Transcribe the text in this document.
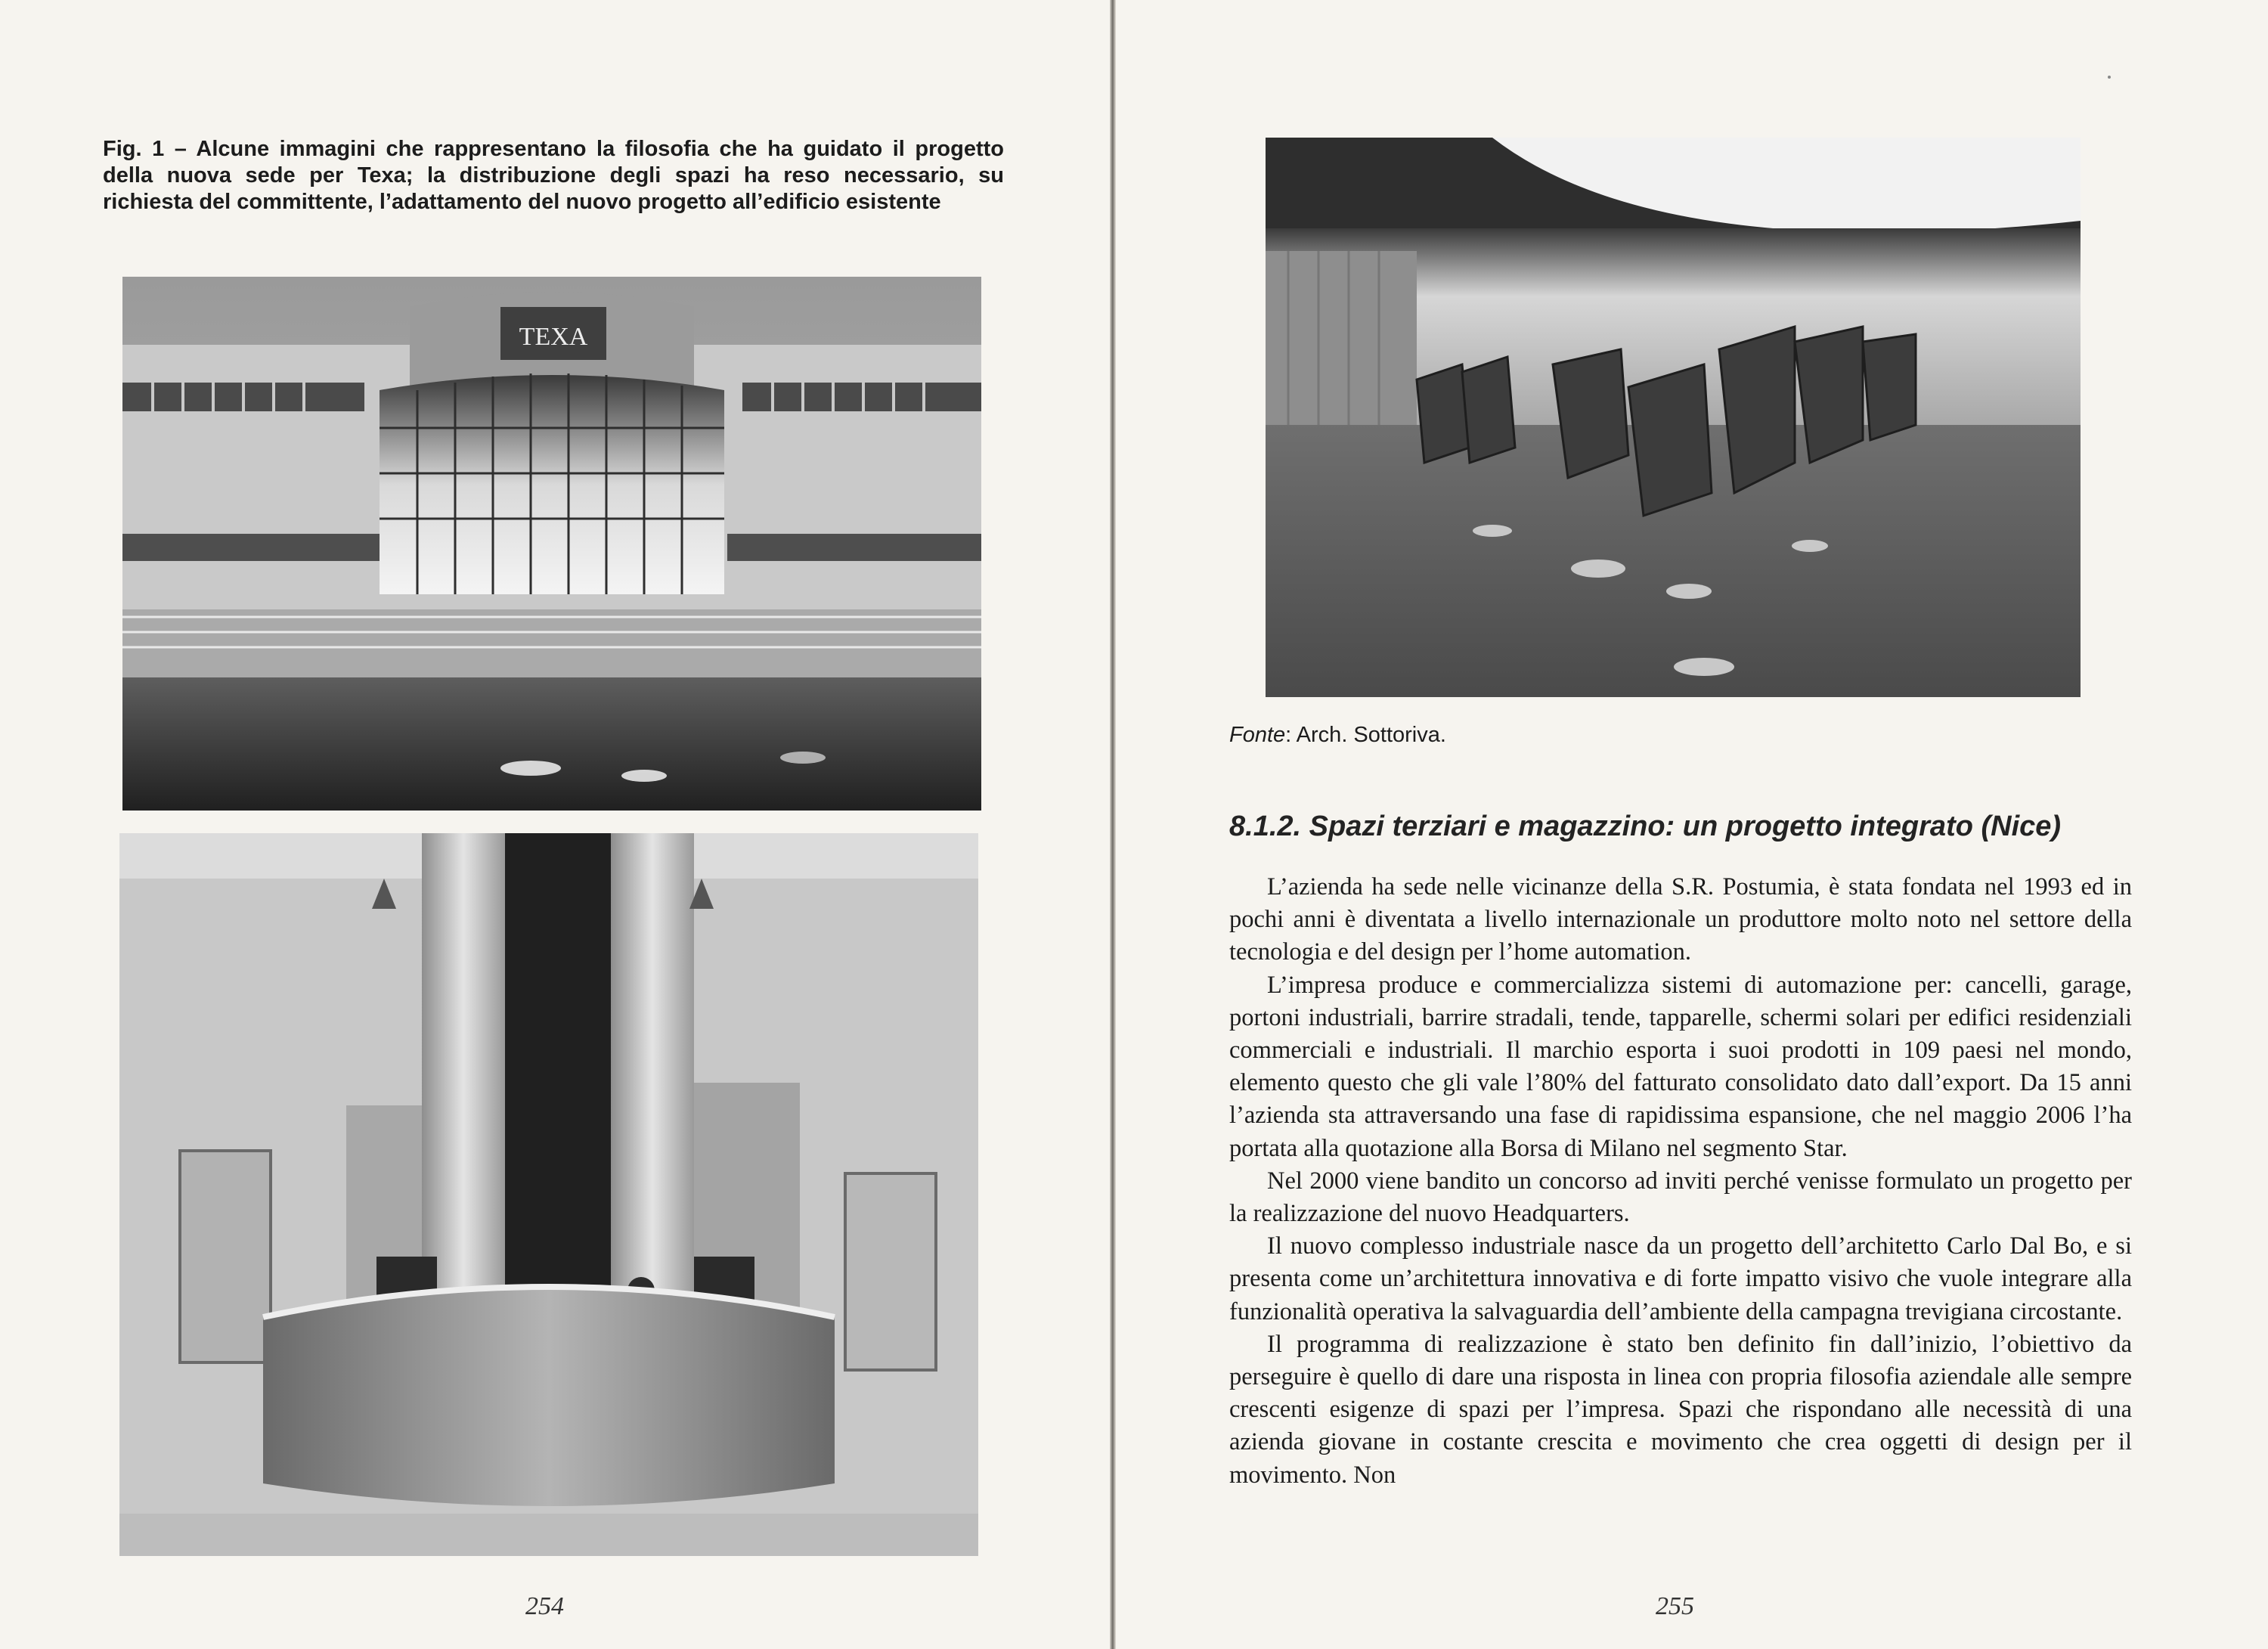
Fig. 1 – Alcune immagini che rappresentano la filosofia che ha guidato il progetto della nuova sede per Texa; la distribuzione degli spazi ha reso necessario, su richiesta del committente, l’adattamento del nuovo progetto all’edificio esistente

TEXA
254

Fonte: Arch. Sottoriva.

8.1.2. Spazi terziari e magazzino: un progetto integrato (Nice)

L’azienda ha sede nelle vicinanze della S.R. Postumia, è stata fondata nel 1993 ed in pochi anni è diventata a livello internazionale un produttore molto noto nel settore della tecnologia e del design per l’home automation.

L’impresa produce e commercializza sistemi di automazione per: cancelli, garage, portoni industriali, barrire stradali, tende, tapparelle, schermi solari per edifici residenziali commerciali e industriali. Il marchio esporta i suoi prodotti in 109 paesi nel mondo, elemento questo che gli vale l’80% del fatturato consolidato dato dall’export. Da 15 anni l’azienda sta attraversando una fase di rapidissima espansione, che nel maggio 2006 l’ha portata alla quotazione alla Borsa di Milano nel segmento Star.

Nel 2000 viene bandito un concorso ad inviti perché venisse formulato un progetto per la realizzazione del nuovo Headquarters.

Il nuovo complesso industriale nasce da un progetto dell’architetto Carlo Dal Bo, e si presenta come un’architettura innovativa e di forte impatto visivo che vuole integrare alla funzionalità operativa la salvaguardia dell’ambiente della campagna trevigiana circostante.

Il programma di realizzazione è stato ben definito fin dall’inizio, l’obiettivo da perseguire è quello di dare una risposta in linea con propria filosofia aziendale alle sempre crescenti esigenze di spazi per l’impresa. Spazi che rispondano alle necessità di una azienda giovane in costante crescita e movimento che crea oggetti di design per il movimento. Non

255
